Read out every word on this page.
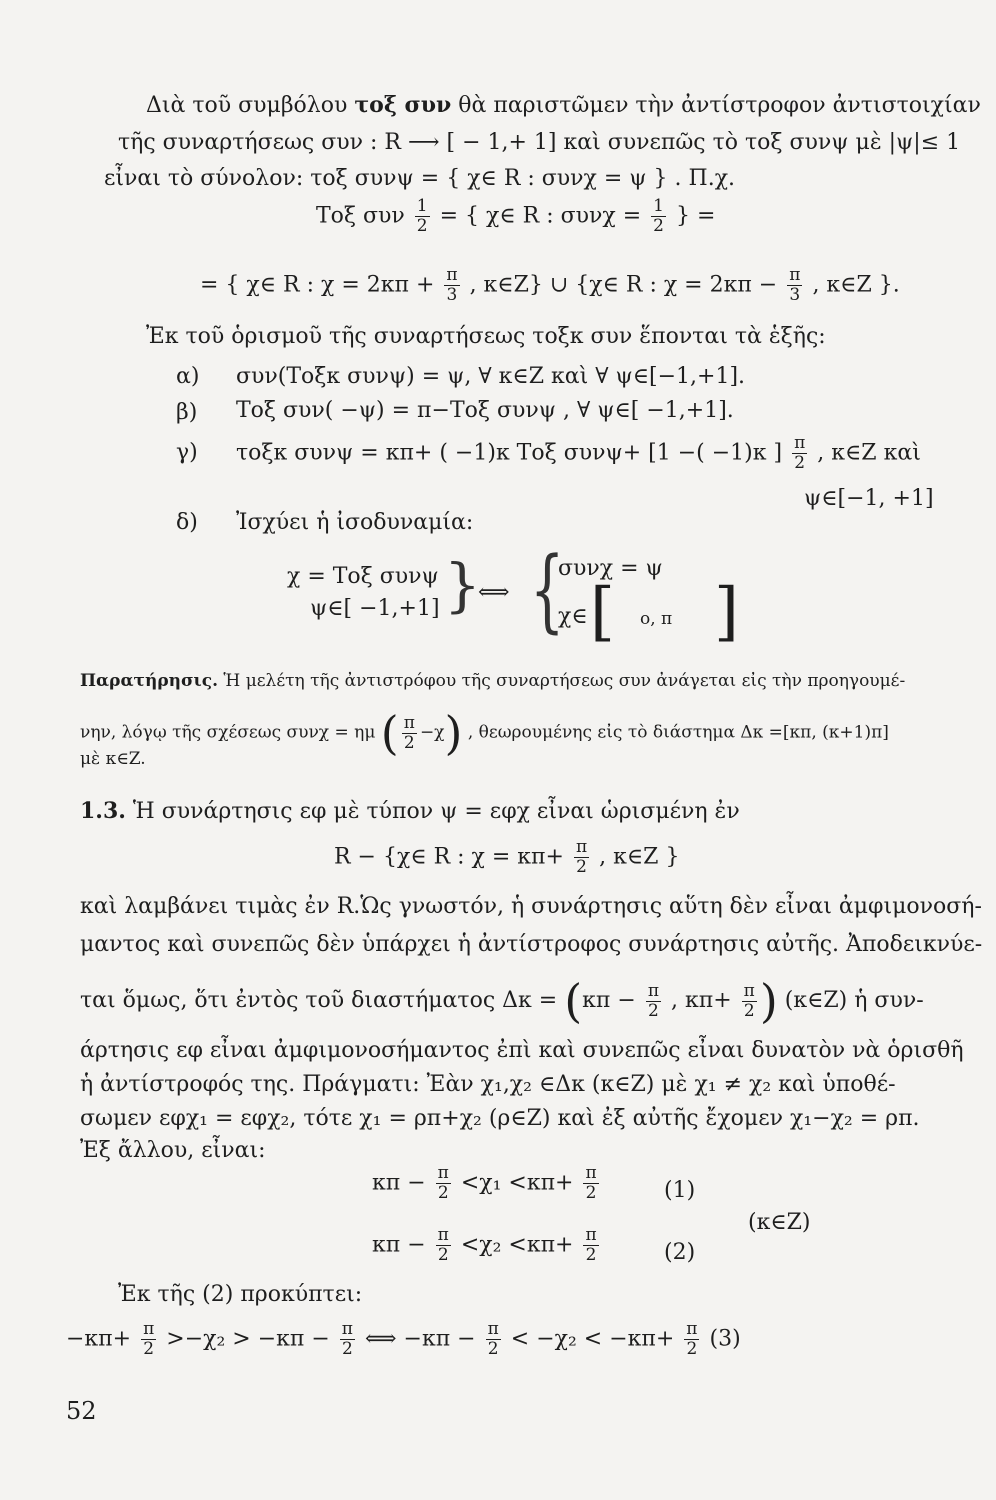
Διὰ τοῦ συμβόλου τοξ συν θὰ παριστῶμεν τὴν ἀντίστροφον ἀντιστοιχίαν
τῆς συναρτήσεως συν : R ⟶ [ − 1,+ 1] καὶ συνεπῶς τὸ τοξ συνψ μὲ |ψ|≤ 1
εἶναι τὸ σύνολον: τοξ συνψ = { χ∈ R : συνχ = ψ } . Π.χ.
Τοξ συν $\frac{1}{2}$ = { χ∈ R : $\sigma\upsilon\nu\chi = \frac{1}{2}$ } =
= { χ∈ R : $\chi = 2\kappa\pi + \frac{\pi}{3}$ , κ∈Z} ∪ {χ∈ R : $\chi = 2\kappa\pi - \frac{\pi}{3}$ , κ∈Z }.
Ἐκ τοῦ ὁρισμοῦ τῆς συναρτήσεως τοξκ συν ἕπονται τὰ ἑξῆς:
α) συν(Τοξκ συνψ) = ψ, ∀ κ∈Z καὶ ∀ ψ∈[−1,+1].
β) Τοξ συν( −ψ) = π−Τοξ συνψ , ∀ ψ∈[ −1,+1].
γ) τοξκ συνψ = κπ+ ( −1)κ Τοξ συνψ+ [1 −( −1)κ ] $\frac{\pi}{2}$ , κ∈Z καὶ
ψ∈[−1, +1]
δ) Ἰσχύει ἡ ἰσοδυναμία:
χ = Τοξ συνψ
ψ∈[ −1,+1] }
⟺ {
συνχ = ψ
χ∈ [ ο, π ]
Παρατήρησις. Ἡ μελέτη τῆς ἀντιστρόφου τῆς συναρτήσεως συν ἀνάγεται εἰς τὴν προηγουμέ-
νην, λόγῳ τῆς σχέσεως συνχ = ημ ( $\frac{\pi}{2} -\chi$) , θεωρουμένης εἰς τὸ διάστημα Δκ =[κπ, (κ+1)π]
μὲ κ∈Z.
1.3. Ἡ συνάρτησις εφ μὲ τύπον ψ = εφχ εἶναι ὡρισμένη ἐν
R − {χ∈ R : $\chi = \kappa\pi+ \frac{\pi}{2}$ , κ∈Z }
καὶ λαμβάνει τιμὰς ἐν R.Ὡς γνωστόν, ἡ συνάρτησις αὕτη δὲν εἶναι ἀμφιμονοσή-
μαντος καὶ συνεπῶς δὲν ὑπάρχει ἡ ἀντίστροφος συνάρτησις αὐτῆς. Ἀποδεικνύε-
ται ὅμως, ὅτι ἐντὸς τοῦ διαστήματος $\Delta\kappa = (\kappa\pi - \frac{\pi}{2}$ , $\kappa\pi+ \frac{\pi}{2}$ ) (κ∈Z) ἡ συν-
άρτησις εφ εἶναι ἀμφιμονοσήμαντος ἐπὶ καὶ συνεπῶς εἶναι δυνατὸν νὰ ὁρισθῆ
ἡ ἀντίστροφός της. Πράγματι: Ἐὰν χ₁,χ₂ ∈Δκ (κ∈Z) μὲ χ₁ ≠ χ₂ καὶ ὑποθέ-
σωμεν εφχ₁ = εφχ₂, τότε χ₁ = ρπ+χ₂ (ρ∈Z) καὶ ἐξ αὐτῆς ἔχομεν χ₁−χ₂ = ρπ.
Ἐξ ἄλλου, εἶναι:
$\kappa\pi - \frac{\pi}{2} <\chi_1 <\kappa\pi+ \frac{\pi}{2}$	(1)
(κ∈Z)
$\kappa\pi - \frac{\pi}{2} <\chi_2 <\kappa\pi+ \frac{\pi}{2}$	(2)
Ἐκ τῆς (2) προκύπτει:
$-\kappa\pi+ \frac{\pi}{2} >-\chi_2 > -\kappa\pi - \frac{\pi}{2}$ ⟺ $-\kappa\pi - \frac{\pi}{2} < -\chi_2 < -\kappa\pi+ \frac{\pi}{2} (3)$
52
